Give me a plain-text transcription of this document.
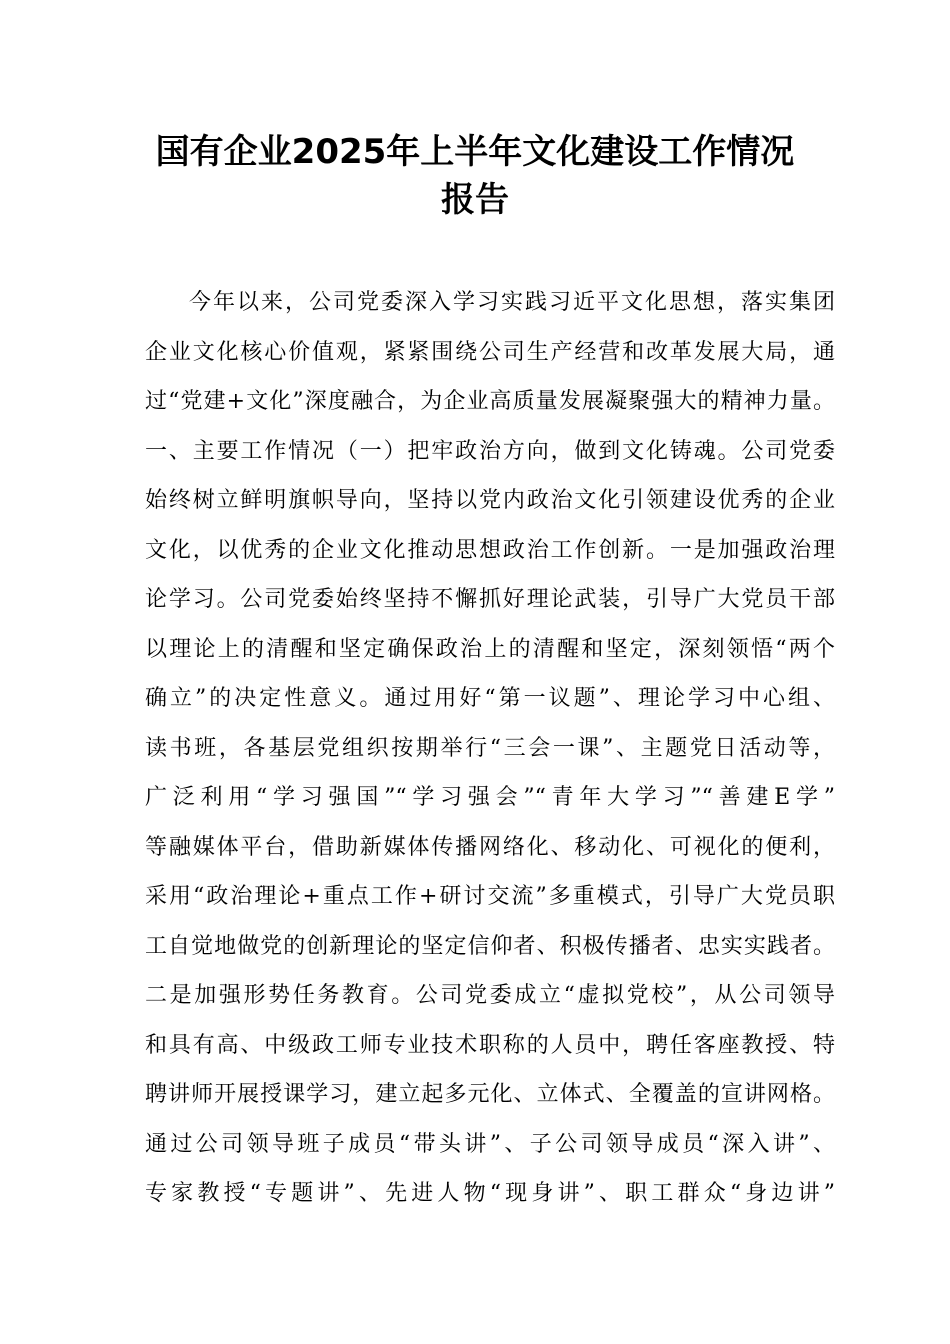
国有企业2025年上半年文化建设工作情况
报告
今年以来，公司党委深入学习实践习近平文化思想，落实集团
企业文化核心价值观，紧紧围绕公司生产经营和改革发展大局，通
过“党建+文化”深度融合，为企业高质量发展凝聚强大的精神力量。
一、主要工作情况（一）把牢政治方向，做到文化铸魂。公司党委
始终树立鲜明旗帜导向，坚持以党内政治文化引领建设优秀的企业
文化，以优秀的企业文化推动思想政治工作创新。一是加强政治理
论学习。公司党委始终坚持不懈抓好理论武装，引导广大党员干部
以理论上的清醒和坚定确保政治上的清醒和坚定，深刻领悟“两个
确立”的决定性意义。通过用好“第一议题”、理论学习中心组、
读书班，各基层党组织按期举行“三会一课”、主题党日活动等，
广泛利用“学习强国”“学习强会”“青年大学习”“善建E学”
等融媒体平台，借助新媒体传播网络化、移动化、可视化的便利，
采用“政治理论+重点工作+研讨交流”多重模式，引导广大党员职
工自觉地做党的创新理论的坚定信仰者、积极传播者、忠实实践者。
二是加强形势任务教育。公司党委成立“虚拟党校”，从公司领导
和具有高、中级政工师专业技术职称的人员中，聘任客座教授、特
聘讲师开展授课学习，建立起多元化、立体式、全覆盖的宣讲网格。
通过公司领导班子成员“带头讲”、子公司领导成员“深入讲”、
专家教授“专题讲”、先进人物“现身讲”、职工群众“身边讲”
